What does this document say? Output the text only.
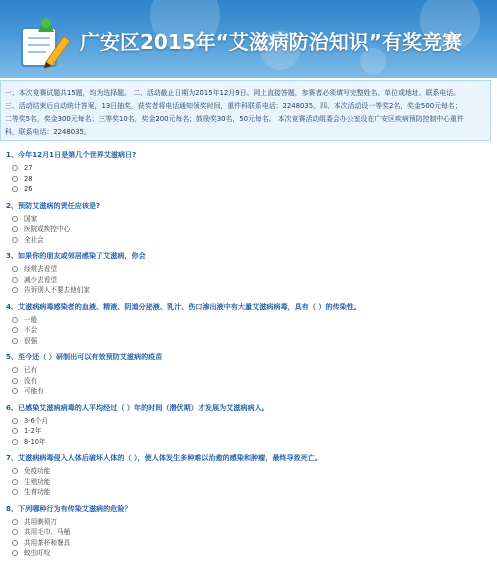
广安区2015年“艾滋病防治知识”有奖竞赛

一、本次竞赛试题共15题，均为选择题。 二、活动截止日期为2015年12月9日。网上直接答题，参赛者必须填写完整姓名、单位或地址、联系电话。

三、活动结束后自动统计答案，13日抽奖，获奖者将电话通知领奖时间，重件科联系电话：2248035。四、本次活动设一等奖2名，奖金500元每名；

二等奖5名，奖金300元每名；三等奖10名，奖金200元每名；鼓励奖30名，50元每名。 本次竞赛活动组委会办公室设在广安区疾病预防控制中心重件

科，联系电话：2248035。

1、今年12月1日是第几个世界艾滋病日?
27
28
26
2、预防艾滋病的责任应该是?
国家
医院或疾控中心
全社会
3、如果你的朋友或邻居感染了艾滋病，你会
经常去看望
减少去看望
告诉别人不要去他们家
4、艾滋病病毒感染者的血液、精液、阴道分泌液、乳汁、伤口渗出液中有大量艾滋病病毒，具有（ ）的传染性。
一般
不会
很强
5、至今还（ ）研制出可以有效预防艾滋病的疫苗
已有
没有
可能有
6、已感染艾滋病病毒的人平均经过（ ）年的时间（潜伏期）才发展为艾滋病病人。
3-6个月
1-2年
8-10年
7、艾滋病病毒侵入人体后破坏人体的（ ），使人体发生多种难以治愈的感染和肿瘤，最终导致死亡。
免疫功能
生殖功能
生育功能
8、下列哪种行为有传染艾滋病的危险？
共用剃须刀
共用毛巾、马桶
共用茶杯和餐具
蚊虫叮咬
